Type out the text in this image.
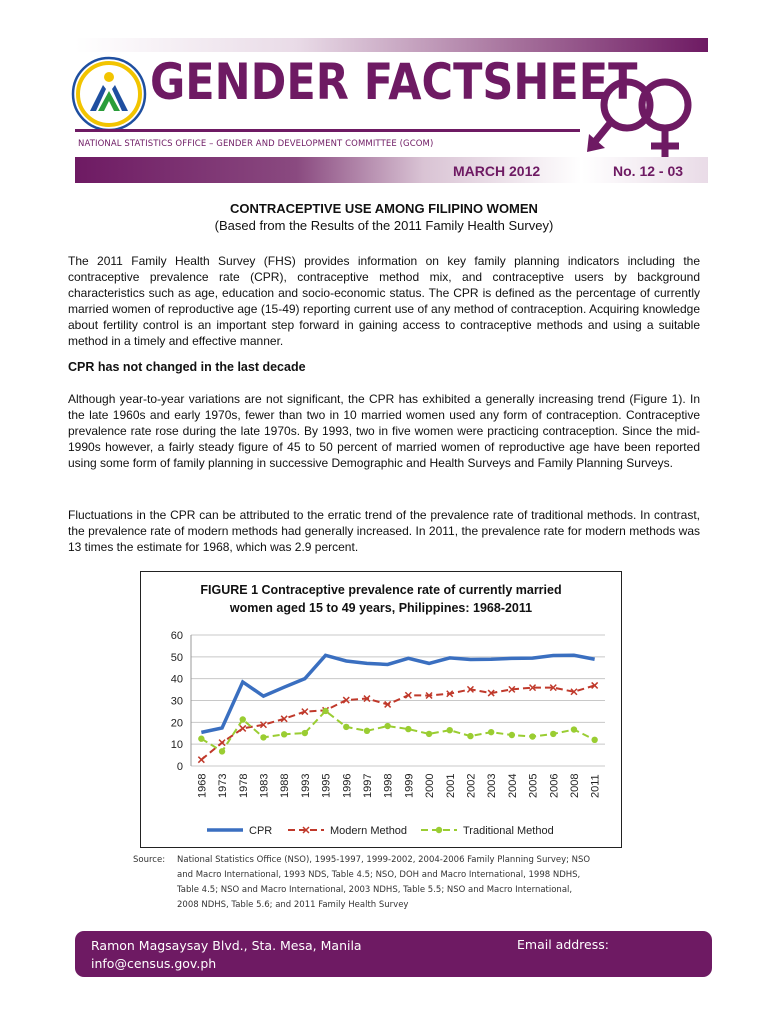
GENDER FACTSHEET
NATIONAL STATISTICS OFFICE – GENDER AND DEVELOPMENT COMMITTEE (GCOM)
MARCH 2012	No. 12 - 03
CONTRACEPTIVE USE AMONG FILIPINO WOMEN
(Based from the Results of the 2011 Family Health Survey)
The 2011 Family Health Survey (FHS) provides information on key family planning indicators including the contraceptive prevalence rate (CPR), contraceptive method mix, and contraceptive users by background characteristics such as age, education and socio-economic status. The CPR is defined as the percentage of currently married women of reproductive age (15-49) reporting current use of any method of contraception. Acquiring knowledge about fertility control is an important step forward in gaining access to contraceptive methods and using a suitable method in a timely and effective manner.
CPR has not changed in the last decade
Although year-to-year variations are not significant, the CPR has exhibited a generally increasing trend (Figure 1). In the late 1960s and early 1970s, fewer than two in 10 married women used any form of contraception. Contraceptive prevalence rate rose during the late 1970s. By 1993, two in five women were practicing contraception. Since the mid-1990s however, a fairly steady figure of 45 to 50 percent of married women of reproductive age have been reported using some form of family planning in successive Demographic and Health Surveys and Family Planning Surveys.
Fluctuations in the CPR can be attributed to the erratic trend of the prevalence rate of traditional methods. In contrast, the prevalence rate of modern methods had generally increased. In 2011, the prevalence rate for modern methods was 13 times the estimate for 1968, which was 2.9 percent.
FIGURE 1 Contraceptive prevalence rate of currently married
women aged 15 to 49 years, Philippines: 1968-2011
0
10
20
30
40
50
60
1968 1973 1978 1983 1988 1993 1995 1996 1997 1998 1999 2000 2001 2002 2003 2004 2005 2006 2008 2011
CPR	Modern Method	Traditional Method
Source:	National Statistics Office (NSO), 1995-1997, 1999-2002, 2004-2006 Family Planning Survey; NSO
and Macro International, 1993 NDS, Table 4.5; NSO, DOH and Macro International, 1998 NDHS,
Table 4.5; NSO and Macro International, 2003 NDHS, Table 5.5; NSO and Macro International,
2008 NDHS, Table 5.6; and 2011 Family Health Survey
Ramon Magsaysay Blvd., Sta. Mesa, Manila
info@census.gov.ph
Email address:
